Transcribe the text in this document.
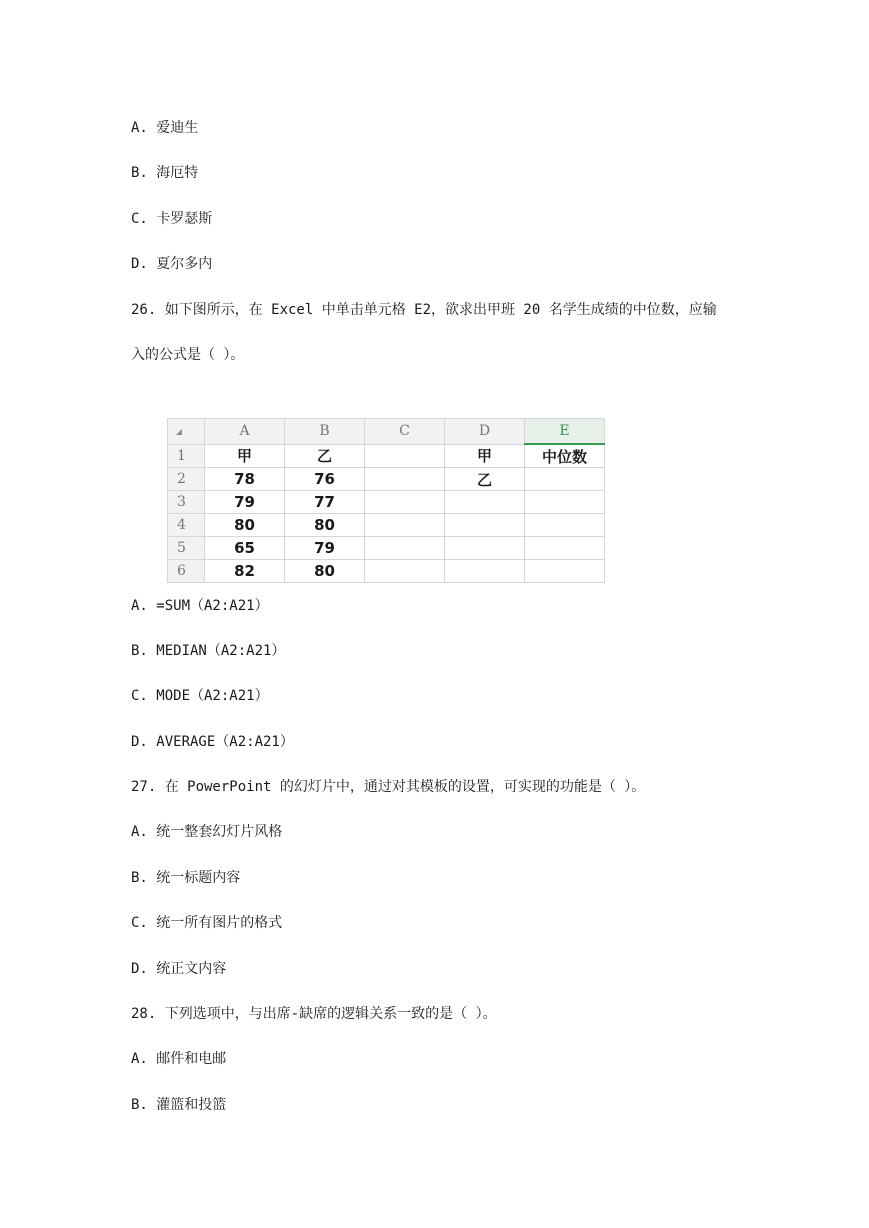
A. 爱迪生
B. 海厄特
C. 卡罗瑟斯
D. 夏尔多内
26. 如下图所示，在 Excel 中单击单元格 E2，欲求出甲班 20 名学生成绩的中位数，应输
入的公式是（ ）。
	A	B	C	D	E
1	甲	乙		甲	中位数
2	78	76		乙	
3	79	77			
4	80	80			
5	65	79			
6	82	80			
A. =SUM（A2:A21）
B. MEDIAN（A2:A21）
C. MODE（A2:A21）
D. AVERAGE（A2:A21）
27. 在 PowerPoint 的幻灯片中，通过对其模板的设置，可实现的功能是（ ）。
A. 统一整套幻灯片风格
B. 统一标题内容
C. 统一所有图片的格式
D. 统正文内容
28. 下列选项中，与出席-缺席的逻辑关系一致的是（ ）。
A. 邮件和电邮
B. 灌篮和投篮
